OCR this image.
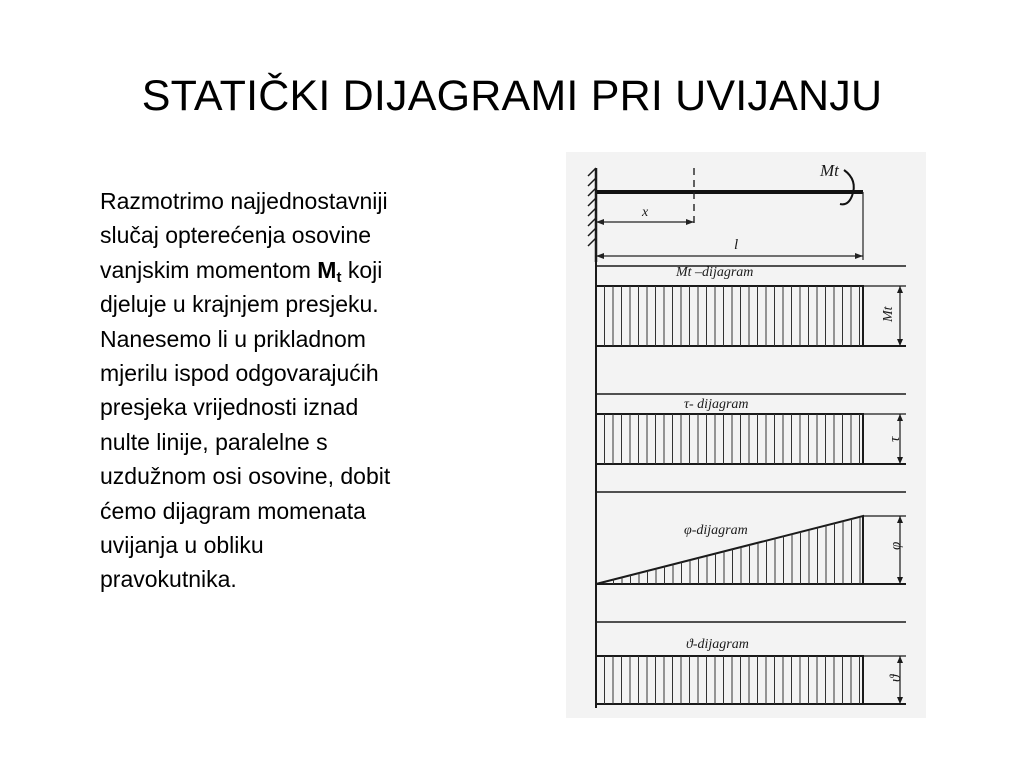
STATIČKI DIJAGRAMI PRI UVIJANJU
Razmotrimo najjednostavniji
slučaj opterećenja osovine
vanjskim momentom $M_t$ koji
djeluje u krajnjem presjeku.
Nanesemo li u prikladnom
mjerilu ispod odgovarajućih
presjeka vrijednosti iznad
nulte linije, paralelne s
uzdužnom osi osovine, dobit
ćemo dijagram momenata
uvijanja u obliku
pravokutnika.
Mt
x
l
Mt –dijagram
τ- dijagram
φ-dijagram
ϑ-dijagram
Mt
τ
φ
ϑ
